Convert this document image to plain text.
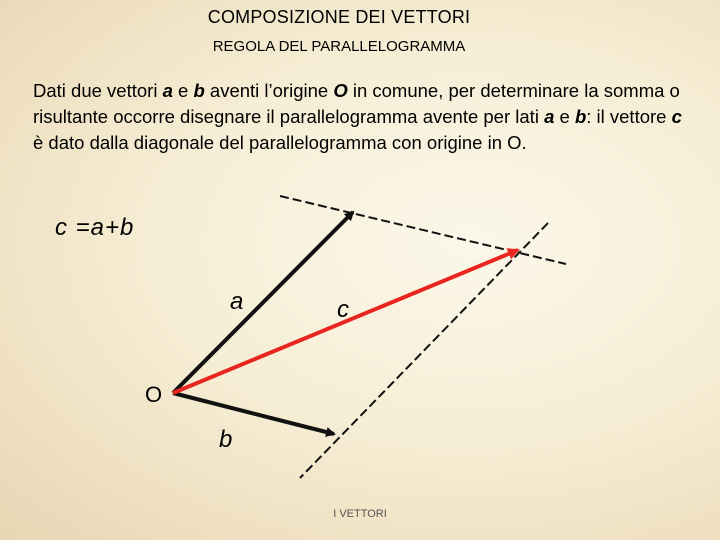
COMPOSIZIONE DEI VETTORI
REGOLA DEL PARALLELOGRAMMA
Dati due vettori a e b aventi l’origine O in comune, per determinare la somma o risultante occorre disegnare il parallelogramma avente per lati a e b: il vettore c è dato dalla diagonale del parallelogramma con origine in O.
c =a+b
a	c
O
b
I VETTORI
